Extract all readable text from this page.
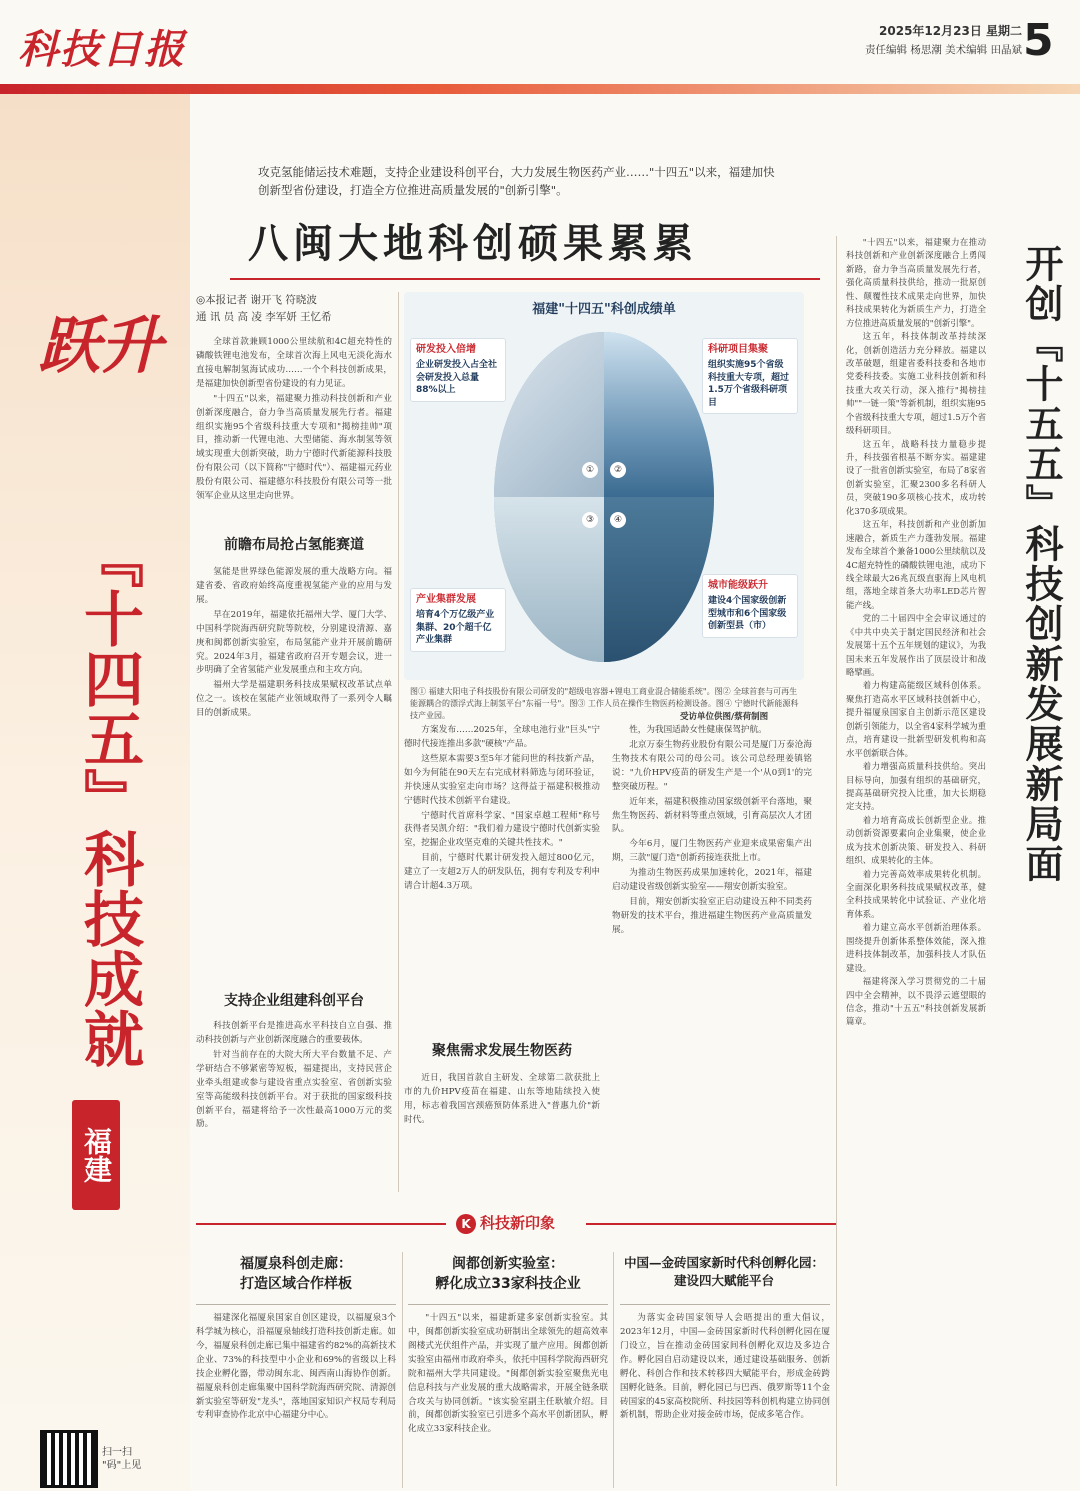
科技日报	2025年12月23日 星期二
责任编辑 杨思潮 美术编辑 田晶斌 5
跃升
『十四五』科技成就
福建
扫一扫 "码"上见
攻克氢能储运技术难题，支持企业建设科创平台，大力发展生物医药产业……"十四五"以来，福建加快创新型省份建设，打造全方位推进高质量发展的"创新引擎"。
八闽大地科创硕果累累
◎本报记者 谢开飞 符晓波
通 讯 员 高 凌 李军妍 王忆希

全球首款兼顾1000公里续航和4C超充特性的磷酸铁锂电池发布，全球首次海上风电无淡化海水直接电解制氢海试成功……一个个科技创新成果，是福建加快创新型省份建设的有力见证。

"十四五"以来，福建聚力推动科技创新和产业创新深度融合，奋力争当高质量发展先行者。福建组织实施95个省级科技重大专项和"揭榜挂帅"项目，推动新一代锂电池、大型储能、海水制氢等领域实现重大创新突破，助力宁德时代新能源科技股份有限公司（以下简称"宁德时代"）、福建福元药业股份有限公司、福建德尔科技股份有限公司等一批领军企业从这里走向世界。

前瞻布局抢占氢能赛道

氢能是世界绿色能源发展的重大战略方向。福建省委、省政府始终高度重视氢能产业的应用与发展。

早在2019年，福建依托福州大学、厦门大学、中国科学院海西研究院等院校，分别建设清源、嘉庚和闽都创新实验室，布局氢能产业并开展前瞻研究。2024年3月，福建省政府召开专题会议，进一步明确了全省氢能产业发展重点和主攻方向。

福州大学是福建职务科技成果赋权改革试点单位之一。该校在氢能产业领域取得了一系列令人瞩目的创新成果。

支持企业组建科创平台

科技创新平台是推进高水平科技自立自强、推动科技创新与产业创新深度融合的重要载体。

针对当前存在的大院大所大平台数量不足、产学研结合不够紧密等短板，福建提出，支持民营企业牵头组建或参与建设省重点实验室、省创新实验室等高能级科技创新平台。对于获批的国家级科技创新平台，福建将给予一次性最高1000万元的奖励。

福建"十四五"科创成绩单
①	②
③	④
研发投入倍增
企业研发投入占全社会研发投入总量88%以上
科研项目集聚
组织实施95个省级科技重大专项，超过1.5万个省级科研项目
产业集群发展
培育4个万亿级产业集群、20个超千亿产业集群
城市能级跃升
建设4个国家级创新型城市和6个国家级创新型县（市）
图① 福建大阳电子科技股份有限公司研发的"超级电容器+锂电工商业混合储能系统"。图② 全球首套与可再生能源耦合的漂浮式海上制氢平台"东福一号"。图③ 工作人员在操作生物医药检测设备。图④ 宁德时代新能源科技产业园。	受访单位供图/蔡荷制图

方案发布……2025年，全球电池行业"巨头"宁德时代接连推出多款"硬核"产品。

这些原本需要3至5年才能问世的科技新产品，如今为何能在90天左右完成材料筛选与闭环验证，并快速从实验室走向市场？这得益于福建积极推动宁德时代技术创新平台建设。

宁德时代首席科学家、"国家卓越工程师"称号获得者吴凯介绍："我们着力建设宁德时代创新实验室，挖掘企业攻坚克难的关键共性技术。"

目前，宁德时代累计研发投入超过800亿元，建立了一支超2万人的研发队伍，拥有专利及专利申请合计超4.3万项。

聚焦需求发展生物医药

近日，我国首款自主研发、全球第二款获批上市的九价HPV疫苗在福建、山东等地陆续投入使用，标志着我国宫颈癌预防体系进入"普惠九价"新时代。

性，为我国适龄女性健康保驾护航。

北京万泰生物药业股份有限公司是厦门万泰沧海生物技术有限公司的母公司。该公司总经理姜镇铭说："九价HPV疫苗的研发生产是一个'从0到1'的完整突破历程。"

近年来，福建积极推动国家级创新平台落地，聚焦生物医药、新材料等重点领域，引育高层次人才团队。

今年6月，厦门生物医药产业迎来成果密集产出期，三款"厦门造"创新药接连获批上市。

为推动生物医药成果加速转化，2021年，福建启动建设省级创新实验室——翔安创新实验室。

目前，翔安创新实验室正启动建设五种不同类药物研发的技术平台，推进福建生物医药产业高质量发展。

开创『十五五』科技创新发展新局面

"十四五"以来，福建聚力在推动科技创新和产业创新深度融合上勇闯新路，奋力争当高质量发展先行者，强化高质量科技供给，推动一批原创性、颠覆性技术成果走向世界，加快科技成果转化为新质生产力，打造全方位推进高质量发展的"创新引擎"。

这五年，科技体制改革持续深化，创新创造活力充分释放。福建以改革破题，组建省委科技委和各地市党委科技委。实施工业科技创新和科技重大攻关行动，深入推行"揭榜挂帅""一链一策"等新机制，组织实施95个省级科技重大专项，超过1.5万个省级科研项目。

这五年，战略科技力量稳步提升，科技强省根基不断夯实。福建建设了一批省创新实验室，布局了8家省创新实验室，汇聚2300多名科研人员，突破190多项核心技术，成功转化370多项成果。

这五年，科技创新和产业创新加速融合，新质生产力蓬勃发展。福建发布全球首个兼备1000公里续航以及4C超充特性的磷酸铁锂电池，成功下线全球最大26兆瓦级直驱海上风电机组，落地全球首条大功率LED芯片智能产线。

党的二十届四中全会审议通过的《中共中央关于制定国民经济和社会发展第十五个五年规划的建议》，为我国未来五年发展作出了顶层设计和战略擘画。

着力构建高能级区域科创体系。聚焦打造高水平区域科技创新中心，提升福厦泉国家自主创新示范区建设创新引领能力，以全省4家科学城为重点，培育建设一批新型研发机构和高水平创新联合体。

着力增强高质量科技供给。突出目标导向，加强有组织的基础研究，提高基础研究投入比重，加大长期稳定支持。

着力培育高成长创新型企业。推动创新资源要素向企业集聚，使企业成为技术创新决策、研发投入、科研组织、成果转化的主体。

着力完善高效率成果转化机制。全面深化职务科技成果赋权改革，健全科技成果转化中试验证、产业化培育体系。

着力建立高水平创新治理体系。围绕提升创新体系整体效能，深入推进科技体制改革，加强科技人才队伍建设。

福建将深入学习贯彻党的二十届四中全会精神，以不畏浮云遮望眼的信念，推动"十五五"科技创新发展新篇章。

K 科技新印象
福厦泉科创走廊：
打造区域合作样板

福建深化福厦泉国家自创区建设，以福厦泉3个科学城为核心，沿福厦泉轴线打造科技创新走廊。如今，福厦泉科创走廊已集中福建省约82%的高新技术企业、73%的科技型中小企业和69%的省级以上科技企业孵化器，带动闽东北、闽西南山海协作创新。福厦泉科创走廊集聚中国科学院海西研究院、清源创新实验室等研发"龙头"，落地国家知识产权局专利局专利审查协作北京中心福建分中心。

闽都创新实验室：
孵化成立33家科技企业

"十四五"以来，福建新建多家创新实验室。其中，闽都创新实验室成功研制出全球领先的超高效率阁楼式光伏组件产品，并实现了量产应用。闽都创新实验室由福州市政府牵头，依托中国科学院海西研究院和福州大学共同建设。"闽都创新实验室聚焦光电信息科技与产业发展的重大战略需求，开展全链条联合攻关与协同创新。"该实验室副主任耿敏介绍。目前，闽都创新实验室已引进多个高水平创新团队，孵化成立33家科技企业。

中国—金砖国家新时代科创孵化园：
建设四大赋能平台

为落实金砖国家领导人会晤提出的重大倡议，2023年12月，中国—金砖国家新时代科创孵化园在厦门设立，旨在推动金砖国家间科创孵化双边及多边合作。孵化园自启动建设以来，通过建设基础服务、创新孵化、科创合作和技术转移四大赋能平台，形成金砖跨国孵化链条。目前，孵化园已与巴西、俄罗斯等11个金砖国家的45家高校院所、科技园等科创机构建立协同创新机制，帮助企业对接金砖市场，促成多笔合作。
